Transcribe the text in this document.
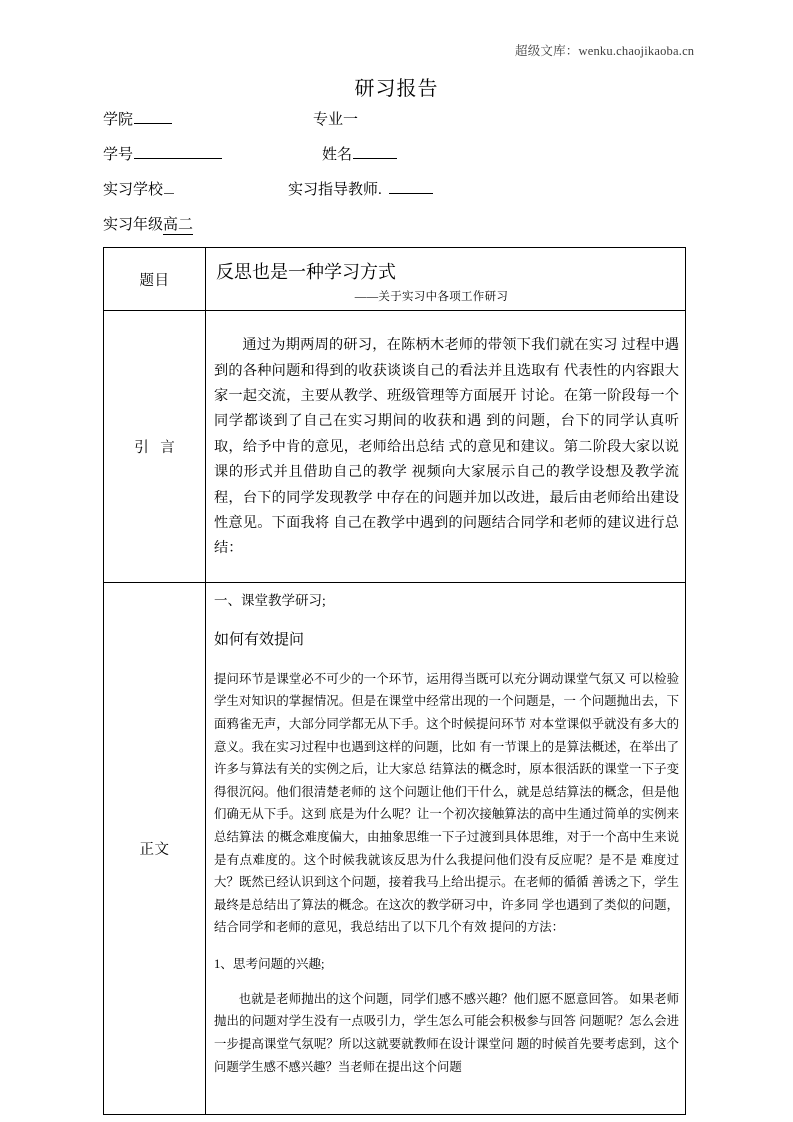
超级文库：wenku.chaojikaoba.cn
研习报告
学院	专业一
学号	姓名
实习学校	实习指导教师.
实习年级高二
题目	反思也是一种学习方式
——关于实习中各项工作研习

引 言	通过为期两周的研习，在陈柄木老师的带领下我们就在实习 过程中遇到的各种问题和得到的收获谈谈自己的看法并且选取有 代表性的内容跟大家一起交流，主要从教学、班级管理等方面展开 讨论。在第一阶段每一个同学都谈到了自己在实习期间的收获和遇 到的问题，台下的同学认真听取，给予中肯的意见，老师给出总结 式的意见和建议。第二阶段大家以说课的形式并且借助自己的教学 视频向大家展示自己的教学设想及教学流程，台下的同学发现教学 中存在的问题并加以改进，最后由老师给出建设性意见。下面我将 自己在教学中遇到的问题结合同学和老师的建议进行总结：

正文	一、课堂教学研习;

如何有效提问

提问环节是课堂必不可少的一个环节，运用得当既可以充分调动课堂气氛又 可以检验学生对知识的掌握情况。但是在课堂中经常出现的一个问题是，一 个问题抛出去，下面鸦雀无声，大部分同学都无从下手。这个时候提问环节 对本堂课似乎就没有多大的意义。我在实习过程中也遇到这样的问题，比如 有一节课上的是算法概述，在举出了许多与算法有关的实例之后，让大家总 结算法的概念时，原本很活跃的课堂一下子变得很沉闷。他们很清楚老师的 这个问题让他们干什么，就是总结算法的概念，但是他们确无从下手。这到 底是为什么呢？让一个初次接触算法的高中生通过简单的实例来总结算法 的概念难度偏大，由抽象思维一下子过渡到具体思维，对于一个高中生来说 是有点难度的。这个时候我就该反思为什么我提问他们没有反应呢？是不是 难度过大？既然已经认识到这个问题，接着我马上给出提示。在老师的循循 善诱之下，学生最终是总结出了算法的概念。在这次的教学研习中，许多同 学也遇到了类似的问题，结合同学和老师的意见，我总结出了以下几个有效 提问的方法：

1、思考问题的兴趣;

也就是老师抛出的这个问题，同学们感不感兴趣？他们愿不愿意回答。 如果老师抛出的问题对学生没有一点吸引力，学生怎么可能会积极参与回答 问题呢？怎么会进一步提高课堂气氛呢？所以这就要就教师在设计课堂问 题的时候首先要考虑到，这个问题学生感不感兴趣？当老师在提出这个问题
